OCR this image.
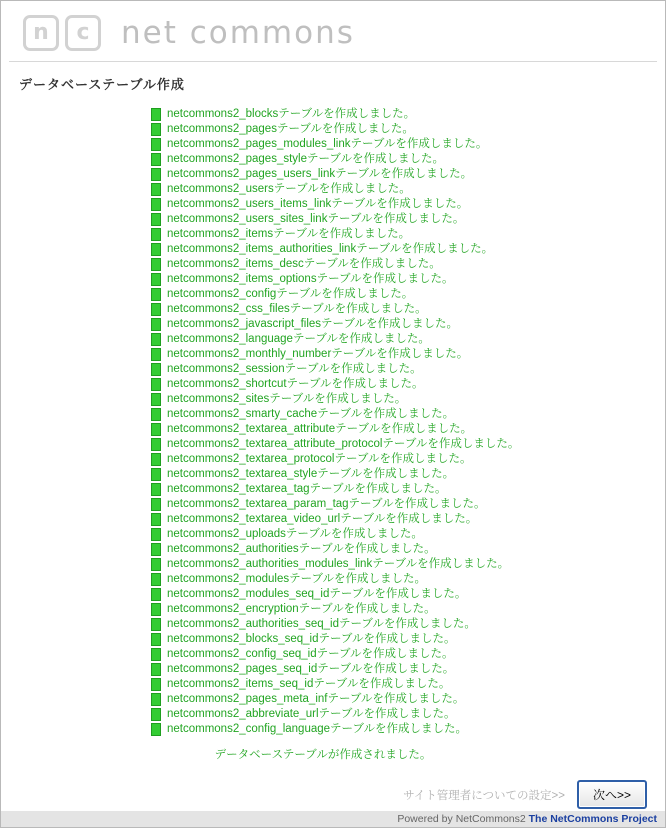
n	c net commons
データベーステーブル作成
netcommons2_blocksテーブルを作成しました。
netcommons2_pagesテーブルを作成しました。
netcommons2_pages_modules_linkテーブルを作成しました。
netcommons2_pages_styleテーブルを作成しました。
netcommons2_pages_users_linkテーブルを作成しました。
netcommons2_usersテーブルを作成しました。
netcommons2_users_items_linkテーブルを作成しました。
netcommons2_users_sites_linkテーブルを作成しました。
netcommons2_itemsテーブルを作成しました。
netcommons2_items_authorities_linkテーブルを作成しました。
netcommons2_items_descテーブルを作成しました。
netcommons2_items_optionsテーブルを作成しました。
netcommons2_configテーブルを作成しました。
netcommons2_css_filesテーブルを作成しました。
netcommons2_javascript_filesテーブルを作成しました。
netcommons2_languageテーブルを作成しました。
netcommons2_monthly_numberテーブルを作成しました。
netcommons2_sessionテーブルを作成しました。
netcommons2_shortcutテーブルを作成しました。
netcommons2_sitesテーブルを作成しました。
netcommons2_smarty_cacheテーブルを作成しました。
netcommons2_textarea_attributeテーブルを作成しました。
netcommons2_textarea_attribute_protocolテーブルを作成しました。
netcommons2_textarea_protocolテーブルを作成しました。
netcommons2_textarea_styleテーブルを作成しました。
netcommons2_textarea_tagテーブルを作成しました。
netcommons2_textarea_param_tagテーブルを作成しました。
netcommons2_textarea_video_urlテーブルを作成しました。
netcommons2_uploadsテーブルを作成しました。
netcommons2_authoritiesテーブルを作成しました。
netcommons2_authorities_modules_linkテーブルを作成しました。
netcommons2_modulesテーブルを作成しました。
netcommons2_modules_seq_idテーブルを作成しました。
netcommons2_encryptionテーブルを作成しました。
netcommons2_authorities_seq_idテーブルを作成しました。
netcommons2_blocks_seq_idテーブルを作成しました。
netcommons2_config_seq_idテーブルを作成しました。
netcommons2_pages_seq_idテーブルを作成しました。
netcommons2_items_seq_idテーブルを作成しました。
netcommons2_pages_meta_infテーブルを作成しました。
netcommons2_abbreviate_urlテーブルを作成しました。
netcommons2_config_languageテーブルを作成しました。
データベーステーブルが作成されました。
サイト管理者についての設定>>	次へ>>
Powered by NetCommons2 The NetCommons Project
